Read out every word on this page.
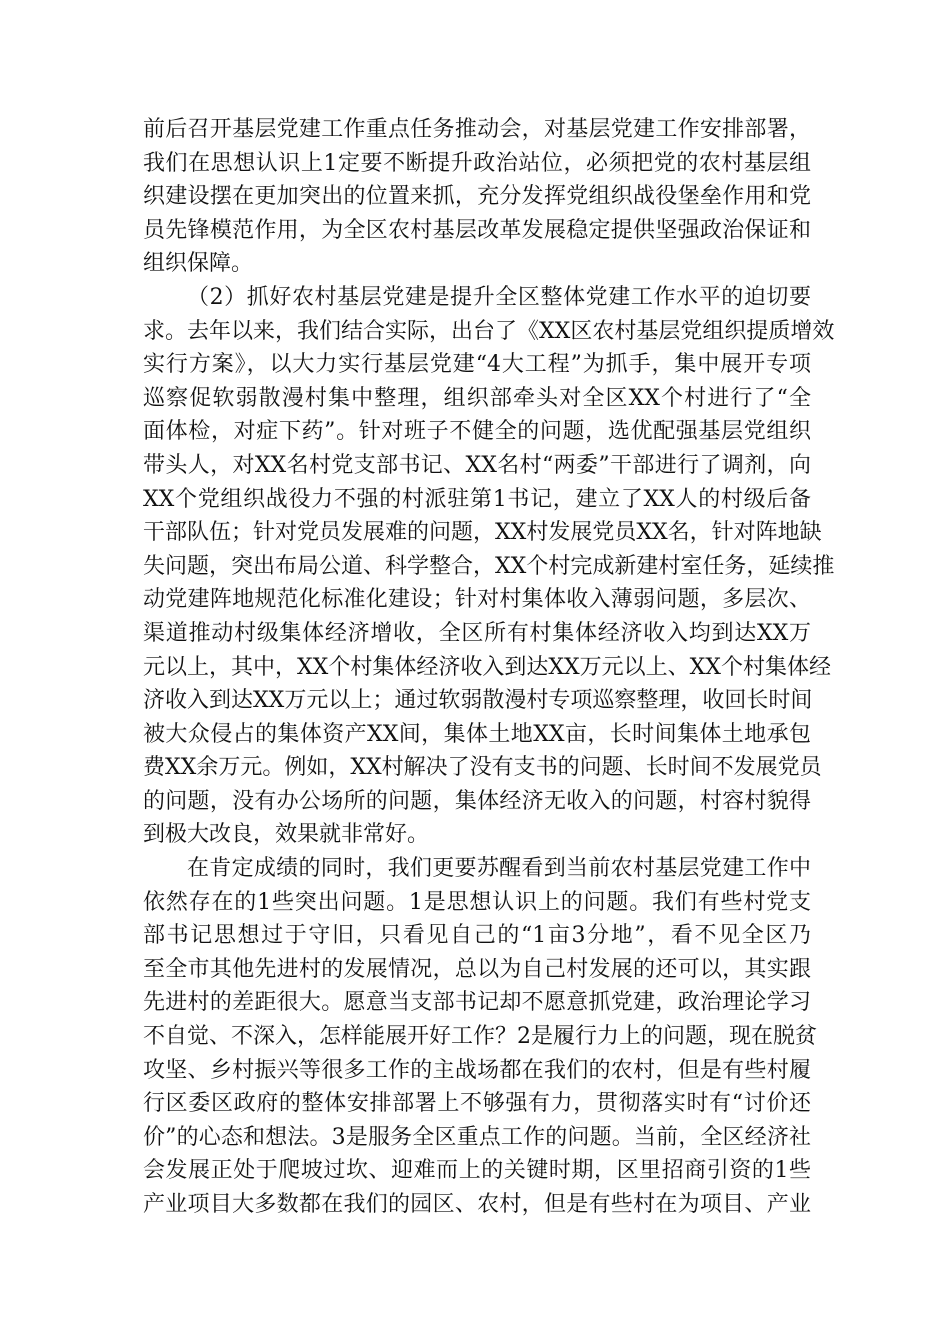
前后召开基层党建工作重点任务推动会，对基层党建工作安排部署，
我们在思想认识上1定要不断提升政治站位，必须把党的农村基层组
织建设摆在更加突出的位置来抓，充分发挥党组织战役堡垒作用和党
员先锋模范作用，为全区农村基层改革发展稳定提供坚强政治保证和
组织保障。
（2）抓好农村基层党建是提升全区整体党建工作水平的迫切要
求。去年以来，我们结合实际，出台了《XX区农村基层党组织提质增效
实行方案》，以大力实行基层党建“4大工程”为抓手，集中展开专项
巡察促软弱散漫村集中整理，组织部牵头对全区XX个村进行了“全
面体检，对症下药”。针对班子不健全的问题，选优配强基层党组织
带头人，对XX名村党支部书记、XX名村“两委”干部进行了调剂，向
XX个党组织战役力不强的村派驻第1书记，建立了XX人的村级后备
干部队伍；针对党员发展难的问题，XX村发展党员XX名，针对阵地缺
失问题，突出布局公道、科学整合，XX个村完成新建村室任务，延续推
动党建阵地规范化标准化建设；针对村集体收入薄弱问题，多层次、
渠道推动村级集体经济增收，全区所有村集体经济收入均到达XX万
元以上，其中，XX个村集体经济收入到达XX万元以上、XX个村集体经
济收入到达XX万元以上；通过软弱散漫村专项巡察整理，收回长时间
被大众侵占的集体资产XX间，集体土地XX亩，长时间集体土地承包
费XX余万元。例如，XX村解决了没有支书的问题、长时间不发展党员
的问题，没有办公场所的问题，集体经济无收入的问题，村容村貌得
到极大改良，效果就非常好。
在肯定成绩的同时，我们更要苏醒看到当前农村基层党建工作中
依然存在的1些突出问题。1是思想认识上的问题。我们有些村党支
部书记思想过于守旧，只看见自己的“1亩3分地”，看不见全区乃
至全市其他先进村的发展情况，总以为自己村发展的还可以，其实跟
先进村的差距很大。愿意当支部书记却不愿意抓党建，政治理论学习
不自觉、不深入，怎样能展开好工作？2是履行力上的问题，现在脱贫
攻坚、乡村振兴等很多工作的主战场都在我们的农村，但是有些村履
行区委区政府的整体安排部署上不够强有力，贯彻落实时有“讨价还
价”的心态和想法。3是服务全区重点工作的问题。当前，全区经济社
会发展正处于爬坡过坎、迎难而上的关键时期，区里招商引资的1些
产业项目大多数都在我们的园区、农村，但是有些村在为项目、产业
